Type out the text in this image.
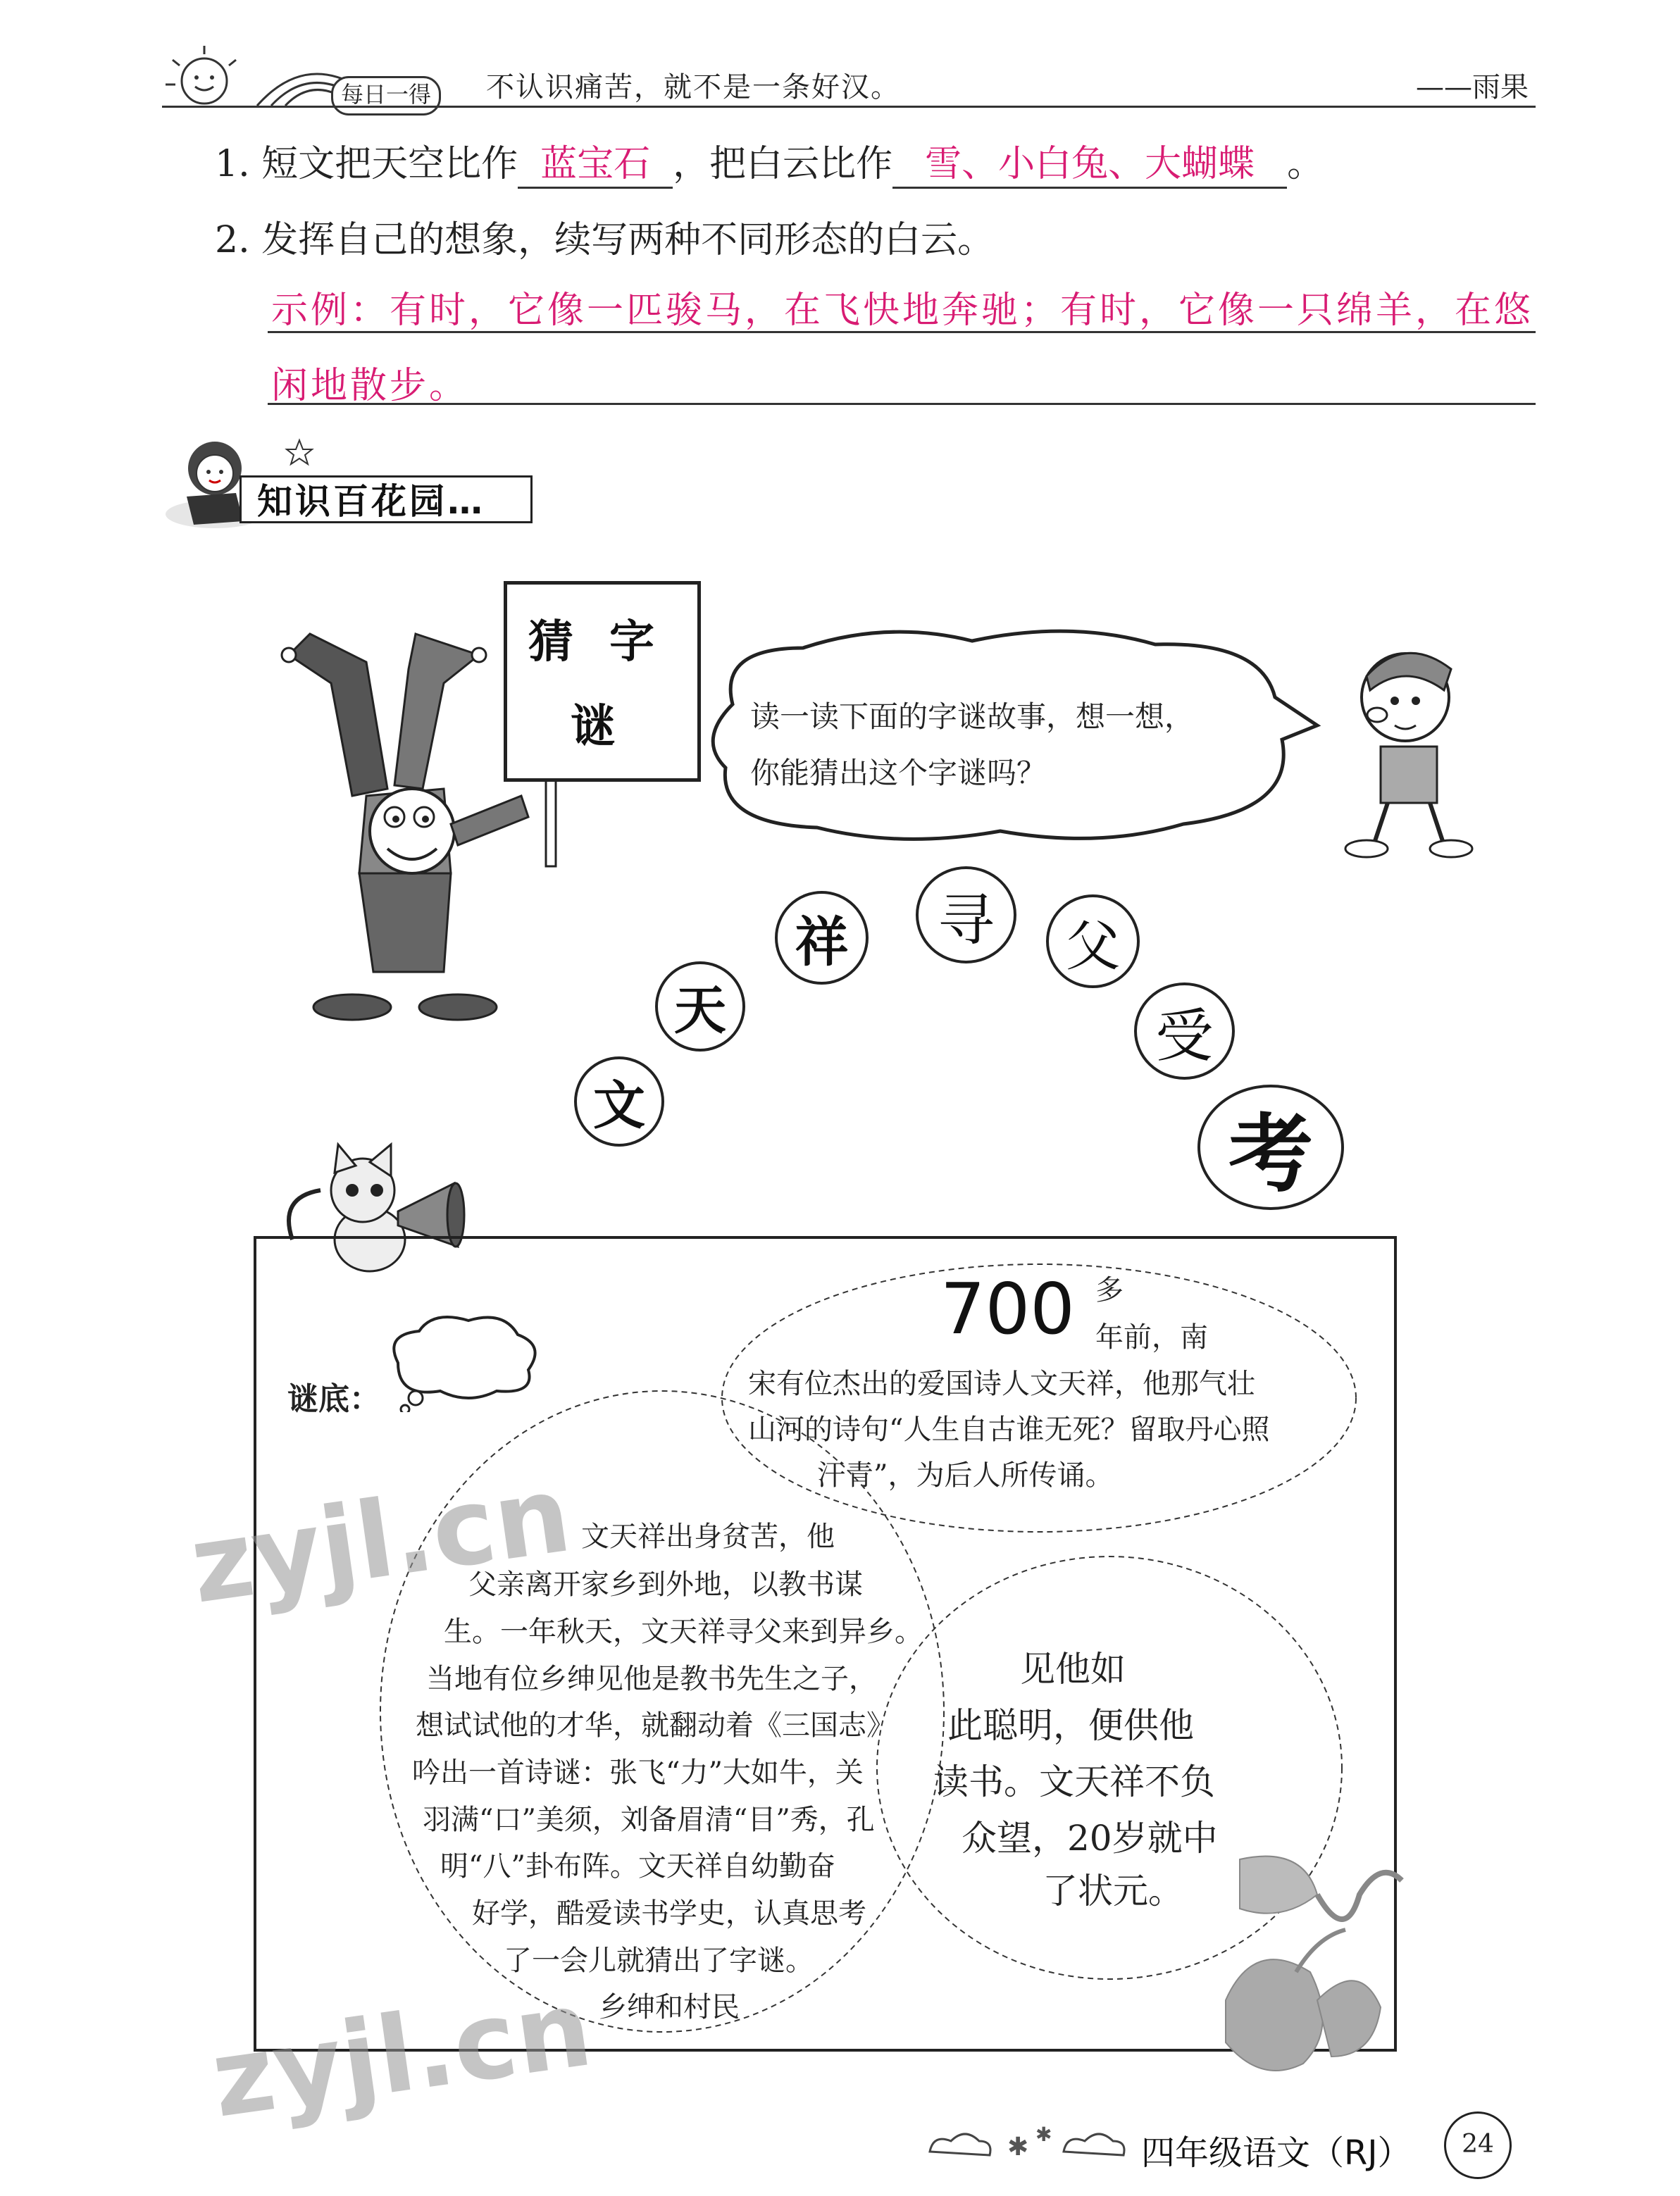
每日一得	不认识痛苦，就不是一条好汉。	——雨果
1. 短文把天空比作 蓝宝石 ，把白云比作 雪、小白兔、大蝴蝶 。
2. 发挥自己的想象，续写两种不同形态的白云。
示例：有时，它像一匹骏马，在飞快地奔驰；有时，它像一只绵羊，在悠
闲地散步。
知识百花园…
猜 字
谜	读一读下面的字谜故事，想一想，
你能猜出这个字谜吗？
文
天
祥	寻	父
受
考
谜底：
700 多
年前，南
宋有位杰出的爱国诗人文天祥，他那气壮
山河的诗句“人生自古谁无死？留取丹心照
汗青”，为后人所传诵。
文天祥出身贫苦，他
父亲离开家乡到外地，以教书谋
生。一年秋天，文天祥寻父来到异乡。
当地有位乡绅见他是教书先生之子，
想试试他的才华，就翻动着《三国志》
吟出一首诗谜：张飞“力”大如牛，关
羽满“口”美须，刘备眉清“目”秀，孔
明“八”卦布阵。文天祥自幼勤奋
好学，酷爱读书学史，认真思考
了一会儿就猜出了字谜。
乡绅和村民
见他如
此聪明，便供他
读书。文天祥不负
众望，20岁就中
了状元。
✱ ✱	四年级语文（RJ）	24
zyjl.cn
zyjl.cn
